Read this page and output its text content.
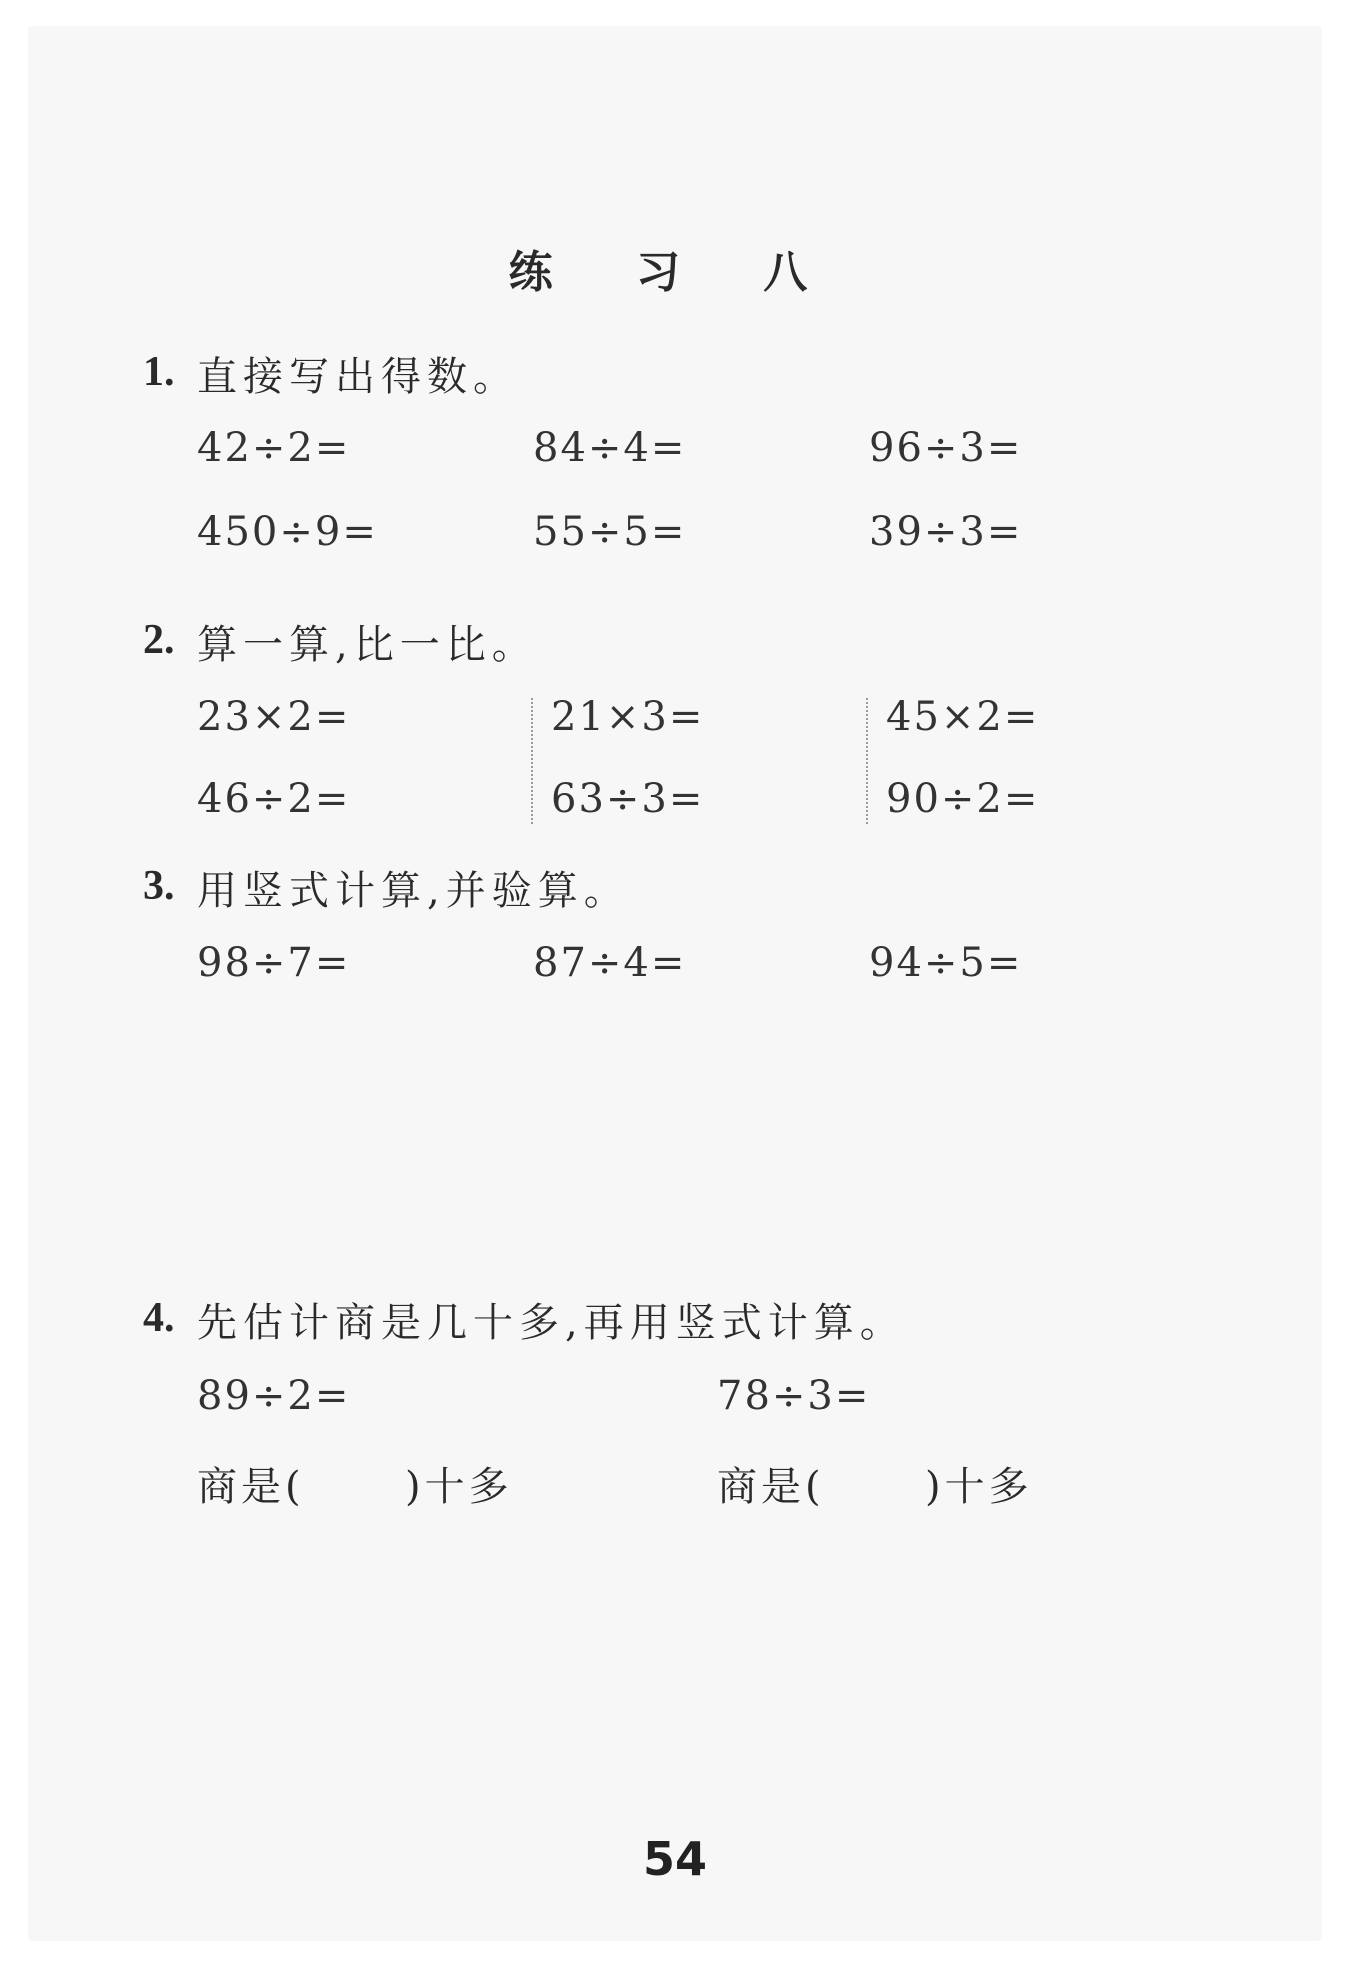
练 习 八
1. 直接写出得数。
42÷2=	84÷4=	96÷3=
450÷9=	55÷5=	39÷3=
2. 算一算,比一比。
23×2=	21×3=	45×2=
46÷2=	63÷3=	90÷2=
3. 用竖式计算,并验算。
98÷7=	87÷4=	94÷5=
4. 先估计商是几十多,再用竖式计算。
89÷2=	78÷3=
商是(	)十多	商是(	)十多
54
